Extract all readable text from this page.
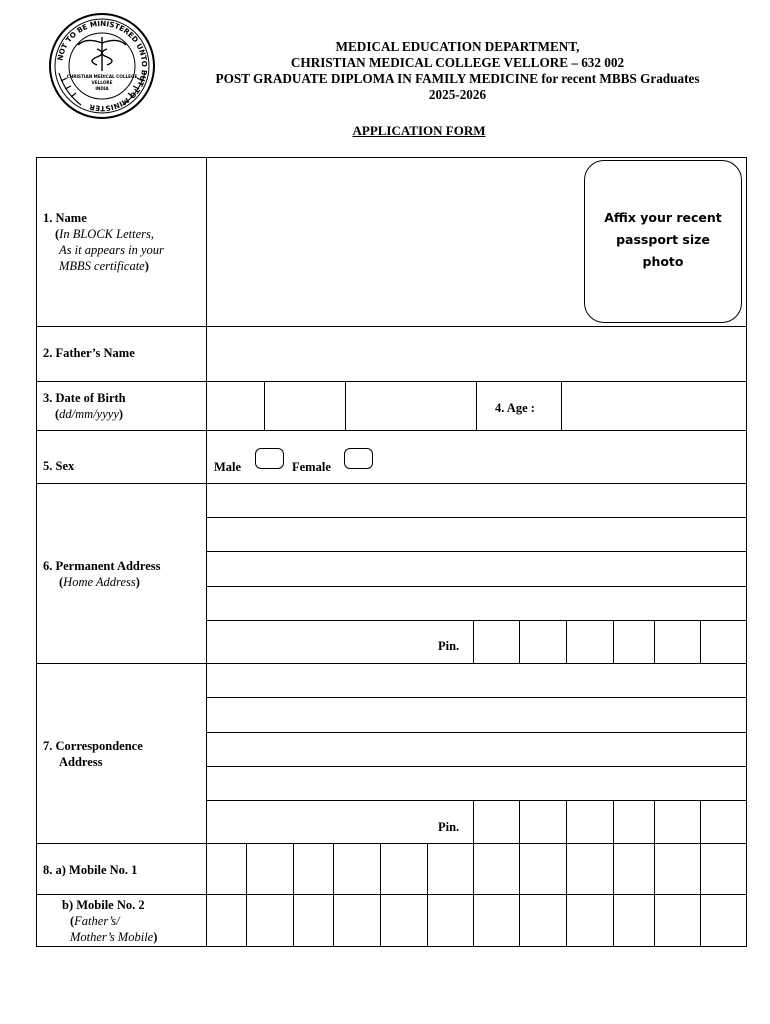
NOT TO BE MINISTERED UNTO BUT TO MINISTER
CHRISTIAN MEDICAL COLLEGE
VELLORE
INDIA
MEDICAL EDUCATION DEPARTMENT,
CHRISTIAN MEDICAL COLLEGE VELLORE – 632 002
POST GRADUATE DIPLOMA IN FAMILY MEDICINE for recent MBBS Graduates
2025-2026
APPLICATION FORM
Affix your recent
passport size
photo
1. Name
(In BLOCK Letters,
As it appears in your
MBBS certificate)
2. Father’s Name
3. Date of Birth
(dd/mm/yyyy)	4. Age :
5. Sex	Male	Female
6. Permanent Address
(Home Address)
Pin.
7. Correspondence
Address
Pin.
8. a) Mobile No. 1
b) Mobile No. 2
(Father’s/
Mother’s Mobile)
